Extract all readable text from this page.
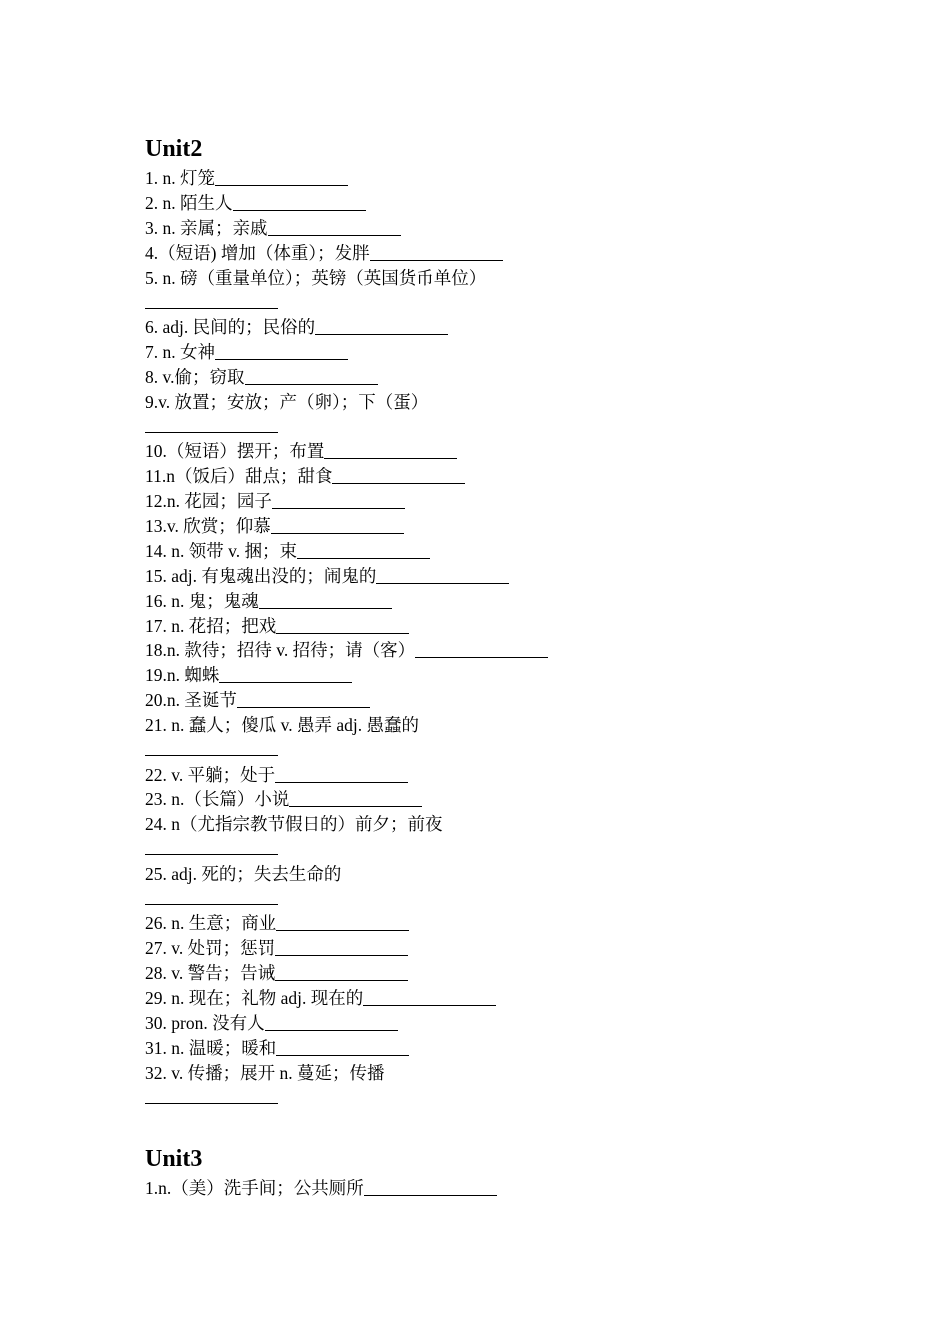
Unit2
1. n. 灯笼
2. n. 陌生人
3. n. 亲属；亲戚
4.（短语) 增加（体重）；发胖
5. n. 磅（重量单位）；英镑（英国货币单位）
6. adj. 民间的；民俗的
7. n. 女神
8. v.偷；窃取
9.v. 放置；安放；产（卵）；下（蛋）
10.（短语）摆开；布置
11.n（饭后）甜点；甜食
12.n. 花园；园子
13.v. 欣赏；仰慕
14. n. 领带 v. 捆；束
15. adj. 有鬼魂出没的；闹鬼的
16. n. 鬼；鬼魂
17. n. 花招；把戏
18.n. 款待；招待 v. 招待；请（客）
19.n. 蜘蛛
20.n. 圣诞节
21. n. 蠢人；傻瓜 v. 愚弄 adj. 愚蠢的
22. v. 平躺；处于
23. n.（长篇）小说
24. n（尤指宗教节假日的）前夕；前夜
25. adj. 死的；失去生命的
26. n. 生意；商业
27. v. 处罚；惩罚
28. v. 警告；告诫
29. n. 现在；礼物 adj. 现在的
30. pron. 没有人
31. n. 温暖；暖和
32. v. 传播；展开 n. 蔓延；传播
Unit3
1.n.（美）洗手间；公共厕所
